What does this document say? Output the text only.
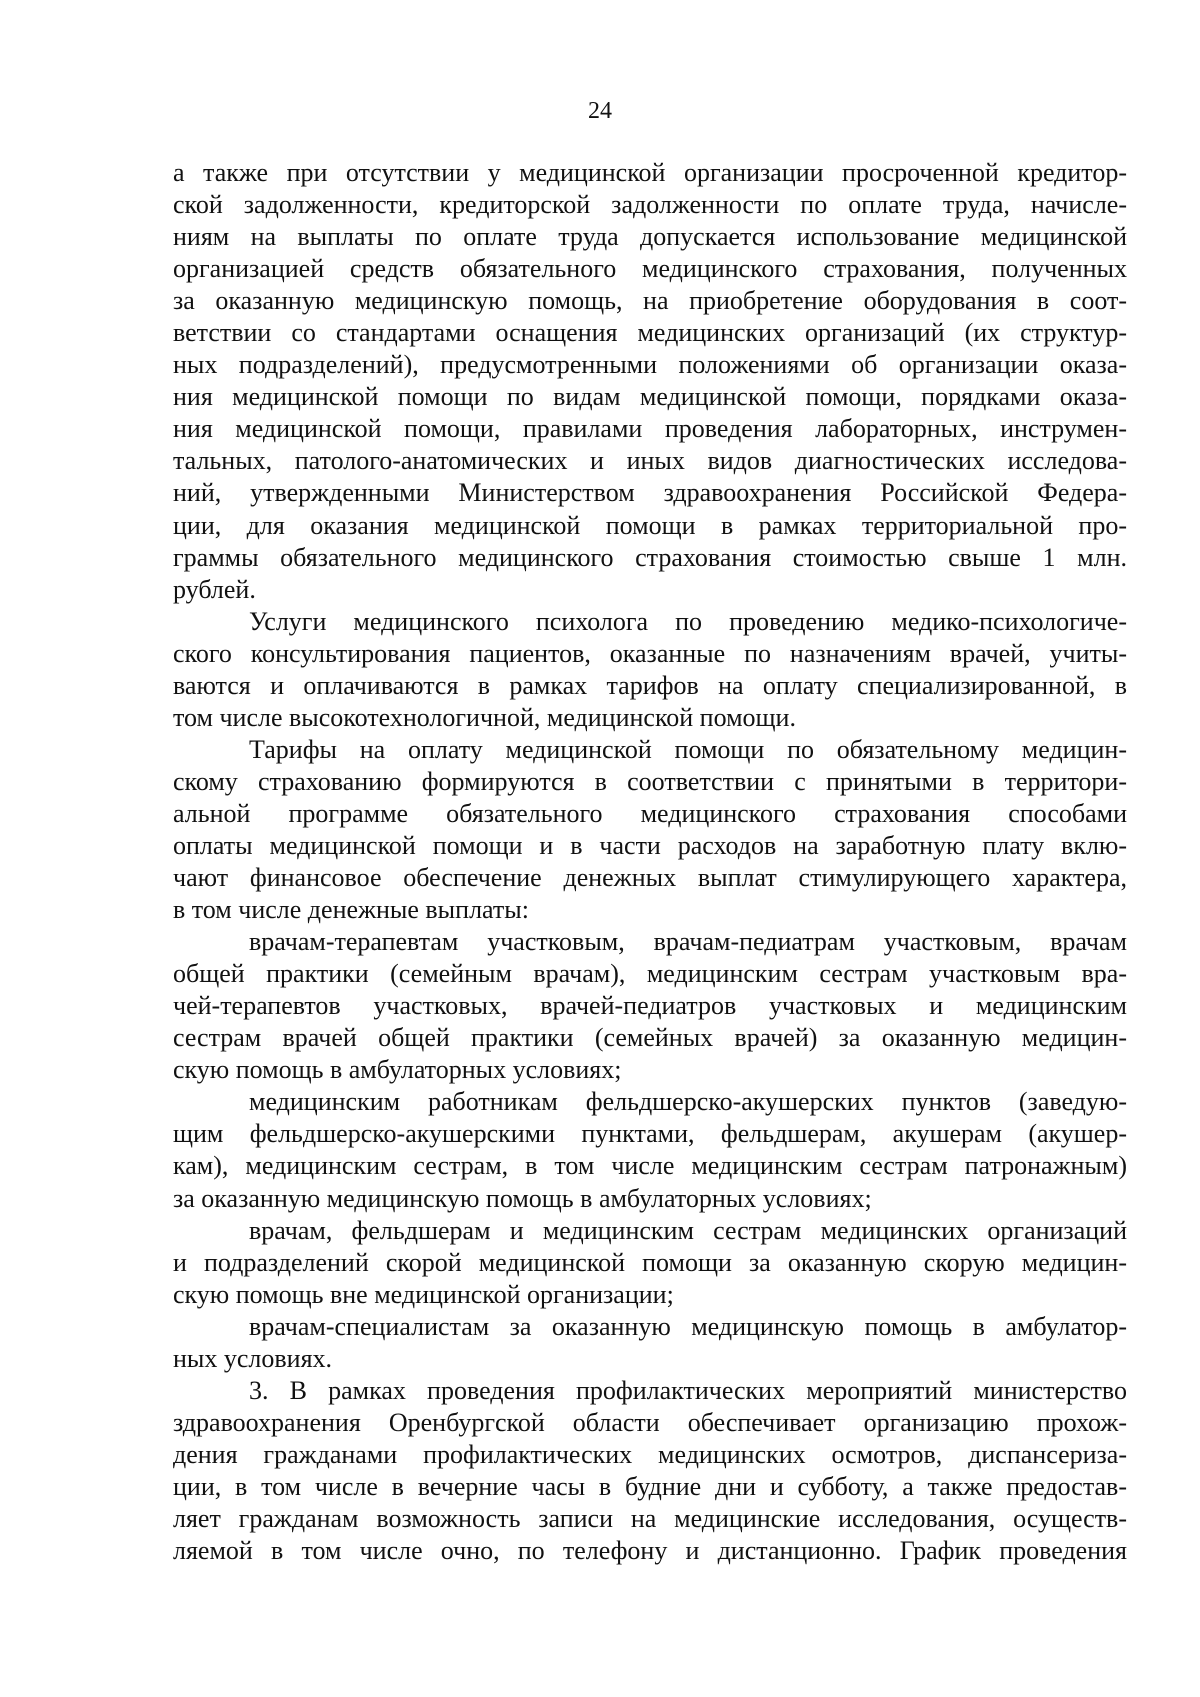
24
а также при отсутствии у медицинской организации просроченной кредитор-
ской задолженности, кредиторской задолженности по оплате труда, начисле-
ниям на выплаты по оплате труда допускается использование медицинской
организацией средств обязательного медицинского страхования, полученных
за оказанную медицинскую помощь, на приобретение оборудования в соот-
ветствии со стандартами оснащения медицинских организаций (их структур-
ных подразделений), предусмотренными положениями об организации оказа-
ния медицинской помощи по видам медицинской помощи, порядками оказа-
ния медицинской помощи, правилами проведения лабораторных, инструмен-
тальных, патолого-анатомических и иных видов диагностических исследова-
ний, утвержденными Министерством здравоохранения Российской Федера-
ции, для оказания медицинской помощи в рамках территориальной про-
граммы обязательного медицинского страхования стоимостью свыше 1 млн.
рублей.
Услуги медицинского психолога по проведению медико-психологиче-
ского консультирования пациентов, оказанные по назначениям врачей, учиты-
ваются и оплачиваются в рамках тарифов на оплату специализированной, в
том числе высокотехнологичной, медицинской помощи.
Тарифы на оплату медицинской помощи по обязательному медицин-
скому страхованию формируются в соответствии с принятыми в территори-
альной программе обязательного медицинского страхования способами
оплаты медицинской помощи и в части расходов на заработную плату вклю-
чают финансовое обеспечение денежных выплат стимулирующего характера,
в том числе денежные выплаты:
врачам-терапевтам участковым, врачам-педиатрам участковым, врачам
общей практики (семейным врачам), медицинским сестрам участковым вра-
чей-терапевтов участковых, врачей-педиатров участковых и медицинским
сестрам врачей общей практики (семейных врачей) за оказанную медицин-
скую помощь в амбулаторных условиях;
медицинским работникам фельдшерско-акушерских пунктов (заведую-
щим фельдшерско-акушерскими пунктами, фельдшерам, акушерам (акушер-
кам), медицинским сестрам, в том числе медицинским сестрам патронажным)
за оказанную медицинскую помощь в амбулаторных условиях;
врачам, фельдшерам и медицинским сестрам медицинских организаций
и подразделений скорой медицинской помощи за оказанную скорую медицин-
скую помощь вне медицинской организации;
врачам-специалистам за оказанную медицинскую помощь в амбулатор-
ных условиях.
3. В рамках проведения профилактических мероприятий министерство
здравоохранения Оренбургской области обеспечивает организацию прохож-
дения гражданами профилактических медицинских осмотров, диспансериза-
ции, в том числе в вечерние часы в будние дни и субботу, а также предостав-
ляет гражданам возможность записи на медицинские исследования, осуществ-
ляемой в том числе очно, по телефону и дистанционно. График проведения
